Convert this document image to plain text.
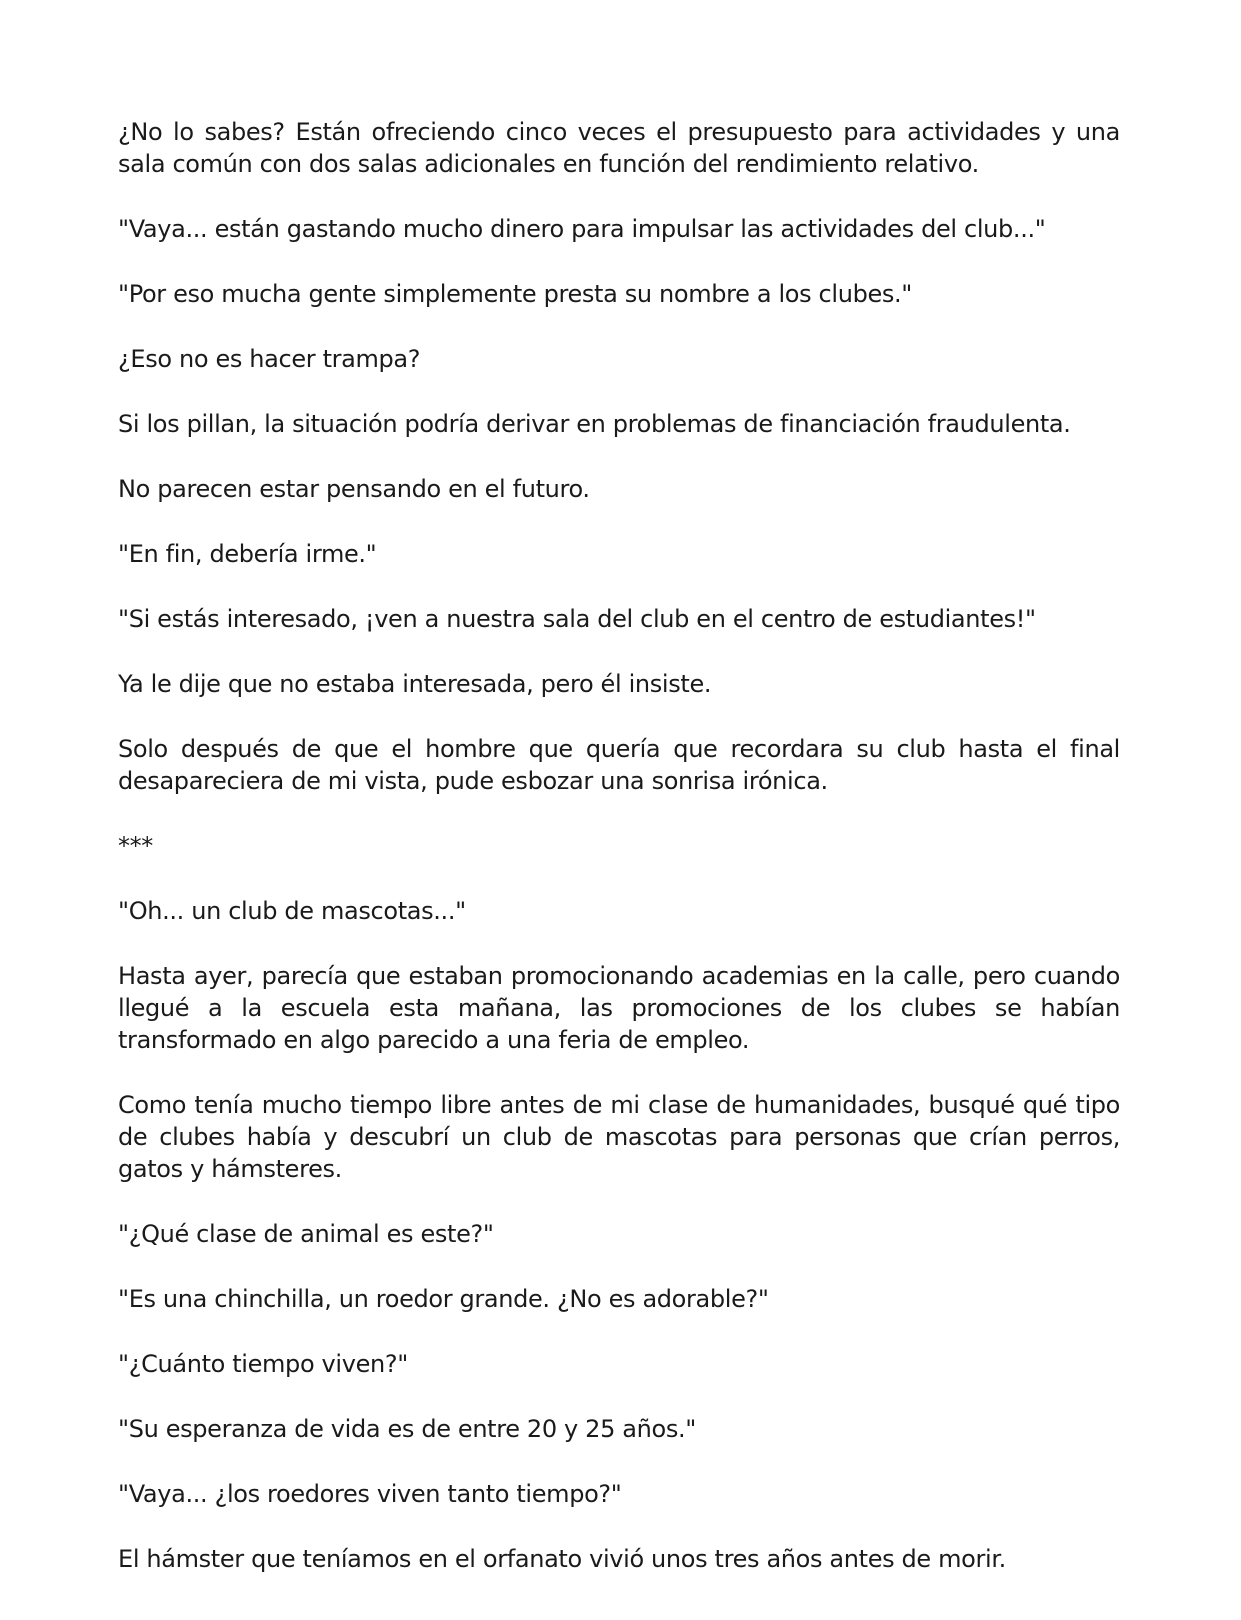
¿No lo sabes? Están ofreciendo cinco veces el presupuesto para actividades y una sala común con dos salas adicionales en función del rendimiento relativo.

"Vaya... están gastando mucho dinero para impulsar las actividades del club..."

"Por eso mucha gente simplemente presta su nombre a los clubes."

¿Eso no es hacer trampa?

Si los pillan, la situación podría derivar en problemas de financiación fraudulenta.

No parecen estar pensando en el futuro.

"En fin, debería irme."

"Si estás interesado, ¡ven a nuestra sala del club en el centro de estudiantes!"

Ya le dije que no estaba interesada, pero él insiste.

Solo después de que el hombre que quería que recordara su club hasta el final desapareciera de mi vista, pude esbozar una sonrisa irónica.

***

"Oh... un club de mascotas..."

Hasta ayer, parecía que estaban promocionando academias en la calle, pero cuando llegué a la escuela esta mañana, las promociones de los clubes se habían transformado en algo parecido a una feria de empleo.

Como tenía mucho tiempo libre antes de mi clase de humanidades, busqué qué tipo de clubes había y descubrí un club de mascotas para personas que crían perros, gatos y hámsteres.

"¿Qué clase de animal es este?"

"Es una chinchilla, un roedor grande. ¿No es adorable?"

"¿Cuánto tiempo viven?"

"Su esperanza de vida es de entre 20 y 25 años."

"Vaya... ¿los roedores viven tanto tiempo?"

El hámster que teníamos en el orfanato vivió unos tres años antes de morir.
